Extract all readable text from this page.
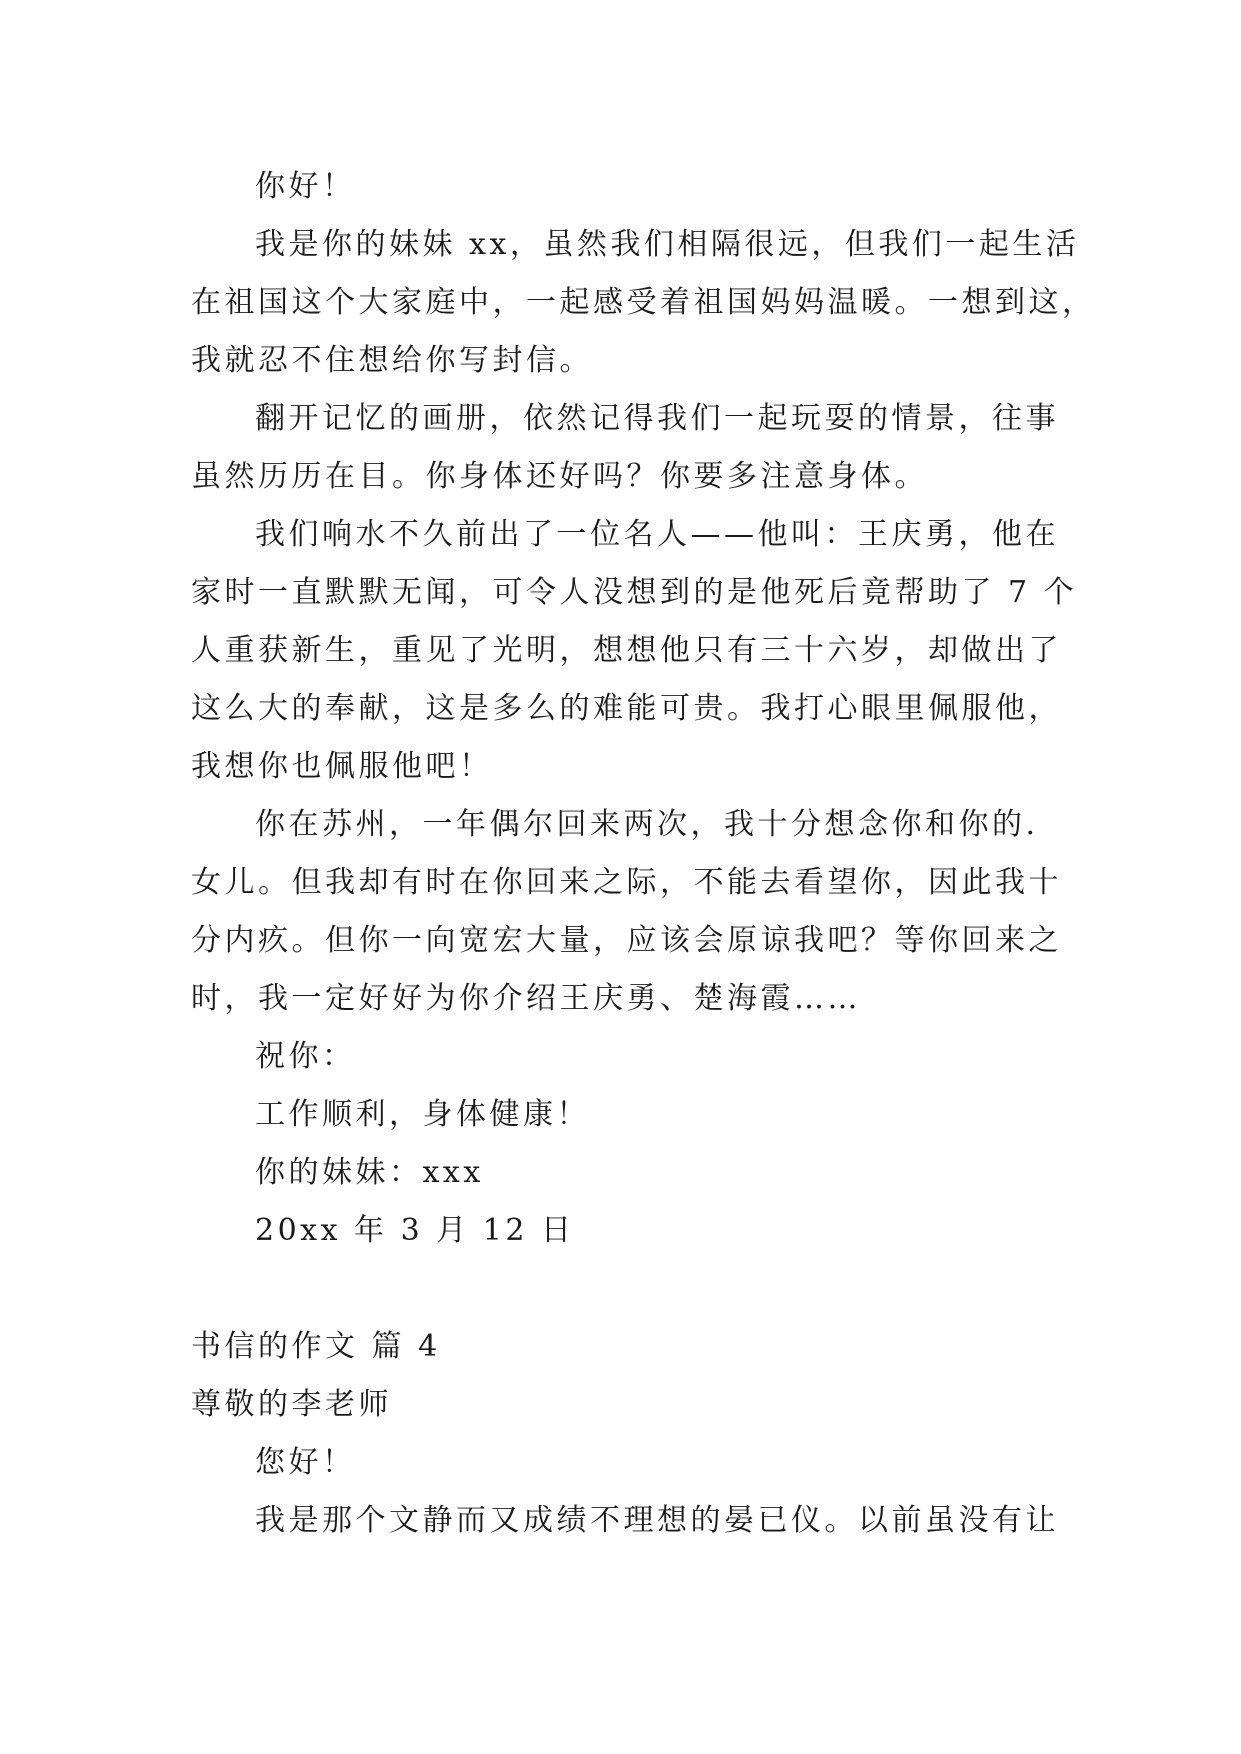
你好！
我是你的妹妹 xx，虽然我们相隔很远，但我们一起生活
在祖国这个大家庭中，一起感受着祖国妈妈温暖。一想到这，
我就忍不住想给你写封信。
翻开记忆的画册，依然记得我们一起玩耍的情景，往事
虽然历历在目。你身体还好吗？你要多注意身体。
我们响水不久前出了一位名人——他叫：王庆勇，他在
家时一直默默无闻，可令人没想到的是他死后竟帮助了 7 个
人重获新生，重见了光明，想想他只有三十六岁，却做出了
这么大的奉献，这是多么的难能可贵。我打心眼里佩服他，
我想你也佩服他吧！
你在苏州，一年偶尔回来两次，我十分想念你和你的.
女儿。但我却有时在你回来之际，不能去看望你，因此我十
分内疚。但你一向宽宏大量，应该会原谅我吧？等你回来之
时，我一定好好为你介绍王庆勇、楚海霞……
祝你：
工作顺利，身体健康！
你的妹妹：xxx
20xx 年 3 月 12 日
书信的作文 篇 4
尊敬的李老师
您好！
我是那个文静而又成绩不理想的晏已仪。以前虽没有让
